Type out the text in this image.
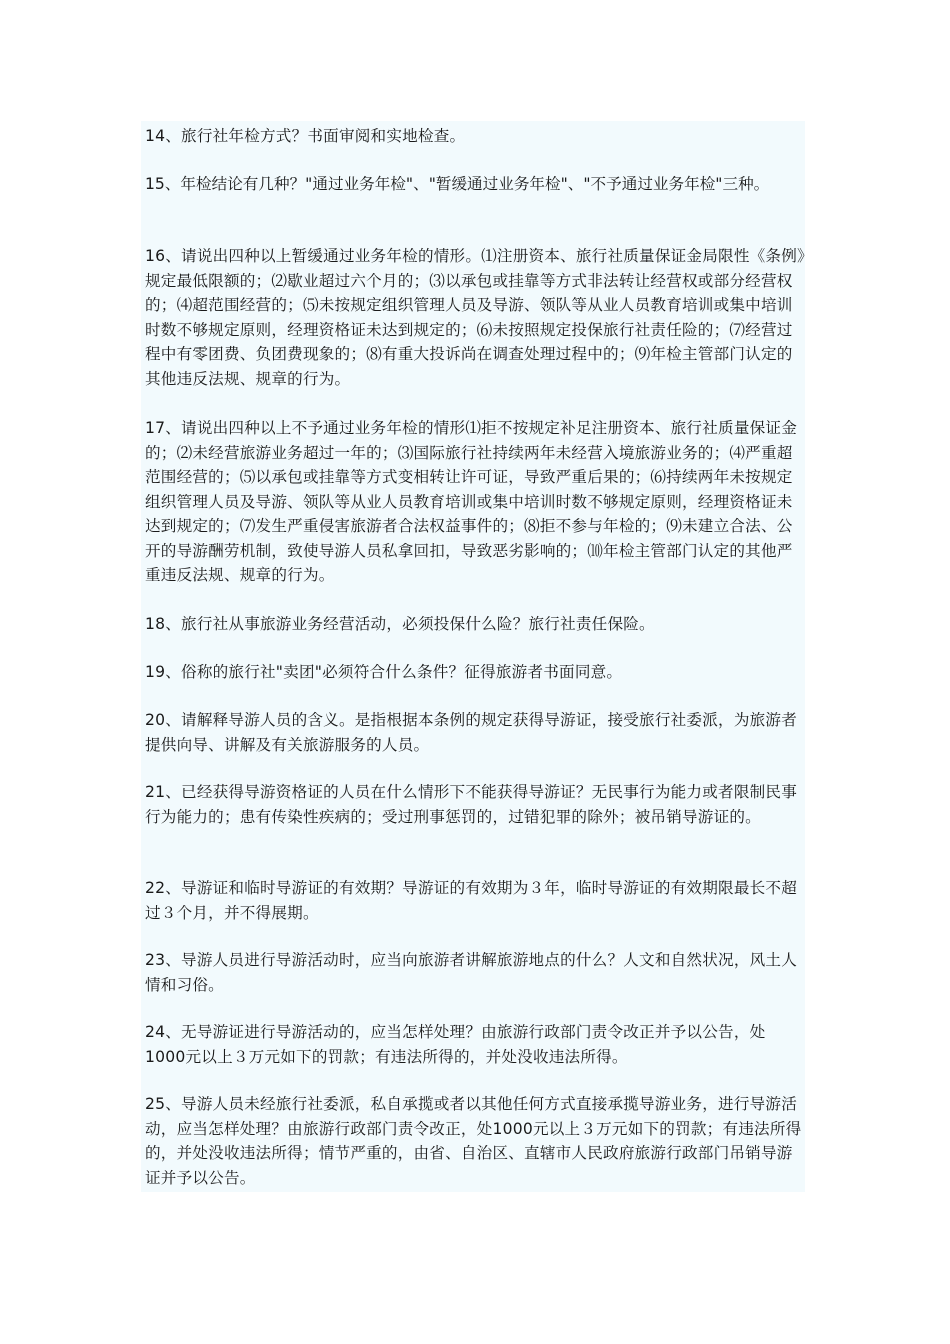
14、旅行社年检方式？书面审阅和实地检查。

15、年检结论有几种？"通过业务年检"、"暂缓通过业务年检"、"不予通过业务年检"三种。

16、请说出四种以上暂缓通过业务年检的情形。⑴注册资本、旅行社质量保证金局限性《条例》规定最低限额的；⑵歇业超过六个月的；⑶以承包或挂靠等方式非法转让经营权或部分经营权的；⑷超范围经营的；⑸未按规定组织管理人员及导游、领队等从业人员教育培训或集中培训时数不够规定原则，经理资格证未达到规定的；⑹未按照规定投保旅行社责任险的；⑺经营过程中有零团费、负团费现象的；⑻有重大投诉尚在调查处理过程中的；⑼年检主管部门认定的其他违反法规、规章的行为。

17、请说出四种以上不予通过业务年检的情形⑴拒不按规定补足注册资本、旅行社质量保证金的；⑵未经营旅游业务超过一年的；⑶国际旅行社持续两年未经营入境旅游业务的；⑷严重超范围经营的；⑸以承包或挂靠等方式变相转让许可证，导致严重后果的；⑹持续两年未按规定组织管理人员及导游、领队等从业人员教育培训或集中培训时数不够规定原则，经理资格证未达到规定的；⑺发生严重侵害旅游者合法权益事件的；⑻拒不参与年检的；⑼未建立合法、公开的导游酬劳机制，致使导游人员私拿回扣，导致恶劣影响的；⑽年检主管部门认定的其他严重违反法规、规章的行为。

18、旅行社从事旅游业务经营活动，必须投保什么险？旅行社责任保险。

19、俗称的旅行社"卖团"必须符合什么条件？征得旅游者书面同意。

20、请解释导游人员的含义。是指根据本条例的规定获得导游证，接受旅行社委派，为旅游者提供向导、讲解及有关旅游服务的人员。

21、已经获得导游资格证的人员在什么情形下不能获得导游证？无民事行为能力或者限制民事行为能力的；患有传染性疾病的；受过刑事惩罚的，过错犯罪的除外；被吊销导游证的。

22、导游证和临时导游证的有效期？导游证的有效期为３年，临时导游证的有效期限最长不超过３个月，并不得展期。

23、导游人员进行导游活动时，应当向旅游者讲解旅游地点的什么？人文和自然状况，风土人情和习俗。

24、无导游证进行导游活动的，应当怎样处理？由旅游行政部门责令改正并予以公告，处1000元以上３万元如下的罚款；有违法所得的，并处没收违法所得。

25、导游人员未经旅行社委派，私自承揽或者以其他任何方式直接承揽导游业务，进行导游活动，应当怎样处理？由旅游行政部门责令改正，处1000元以上３万元如下的罚款；有违法所得的，并处没收违法所得；情节严重的，由省、自治区、直辖市人民政府旅游行政部门吊销导游证并予以公告。
